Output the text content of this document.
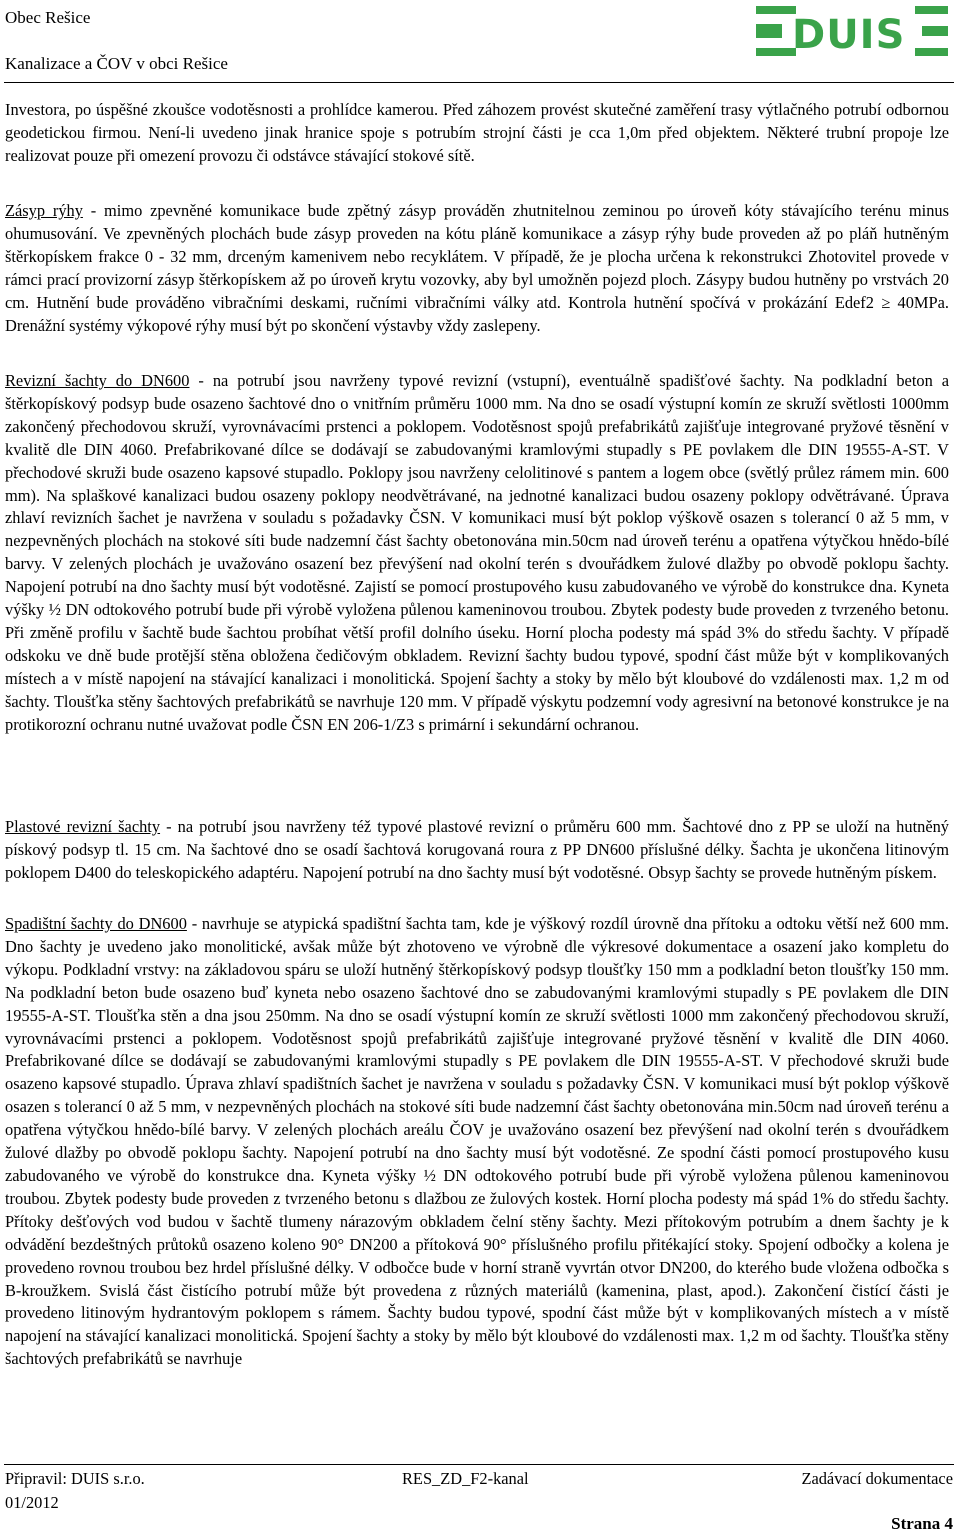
Obec Rešice
Kanalizace a ČOV v obci Rešice
DUIS

Investora, po úspěšné zkoušce vodotěsnosti a prohlídce kamerou. Před záhozem provést skutečné zaměření trasy výtlačného potrubí odbornou geodetickou firmou. Není-li uvedeno jinak hranice spoje s potrubím strojní části je cca 1,0m před objektem. Některé trubní propoje lze realizovat pouze při omezení provozu či odstávce stávající stokové sítě.

Zásyp rýhy - mimo zpevněné komunikace bude zpětný zásyp prováděn zhutnitelnou zeminou po úroveň kóty stávajícího terénu minus ohumusování. Ve zpevněných plochách bude zásyp proveden na kótu pláně komunikace a zásyp rýhy bude proveden až po pláň hutněným štěrkopískem frakce 0 - 32 mm, drceným kamenivem nebo recyklátem. V případě, že je plocha určena k rekonstrukci Zhotovitel provede v rámci prací provizorní zásyp štěrkopískem až po úroveň krytu vozovky, aby byl umožněn pojezd ploch. Zásypy budou hutněny po vrstvách 20 cm. Hutnění bude prováděno vibračními deskami, ručními vibračními války atd. Kontrola hutnění spočívá v prokázání Edef2 ≥ 40MPa. Drenážní systémy výkopové rýhy musí být po skončení výstavby vždy zaslepeny.

Revizní šachty do DN600 - na potrubí jsou navrženy typové revizní (vstupní), eventuálně spadišťové šachty. Na podkladní beton a štěrkopískový podsyp bude osazeno šachtové dno o vnitřním průměru 1000 mm. Na dno se osadí výstupní komín ze skruží světlosti 1000mm zakončený přechodovou skruží, vyrovnávacími prstenci a poklopem. Vodotěsnost spojů prefabrikátů zajišťuje integrované pryžové těsnění v kvalitě dle DIN 4060. Prefabrikované dílce se dodávají se zabudovanými kramlovými stupadly s PE povlakem dle DIN 19555-A-ST. V přechodové skruži bude osazeno kapsové stupadlo. Poklopy jsou navrženy celolitinové s pantem a logem obce (světlý průlez rámem min. 600 mm). Na splaškové kanalizaci budou osazeny poklopy neodvětrávané, na jednotné kanalizaci budou osazeny poklopy odvětrávané. Úprava zhlaví revizních šachet je navržena v souladu s požadavky ČSN. V komunikaci musí být poklop výškově osazen s tolerancí 0 až 5 mm, v nezpevněných plochách na stokové síti bude nadzemní část šachty obetonována min.50cm nad úroveň terénu a opatřena výtyčkou hnědo-bílé barvy. V zelených plochách je uvažováno osazení bez převýšení nad okolní terén s dvouřádkem žulové dlažby po obvodě poklopu šachty. Napojení potrubí na dno šachty musí být vodotěsné. Zajistí se pomocí prostupového kusu zabudovaného ve výrobě do konstrukce dna. Kyneta výšky ½ DN odtokového potrubí bude při výrobě vyložena půlenou kameninovou troubou. Zbytek podesty bude proveden z tvrzeného betonu. Při změně profilu v šachtě bude šachtou probíhat větší profil dolního úseku. Horní plocha podesty má spád 3% do středu šachty. V případě odskoku ve dně bude protější stěna obložena čedičovým obkladem. Revizní šachty budou typové, spodní část může být v komplikovaných místech a v místě napojení na stávající kanalizaci i monolitická. Spojení šachty a stoky by mělo být kloubové do vzdálenosti max. 1,2 m od šachty. Tloušťka stěny šachtových prefabrikátů se navrhuje 120 mm. V případě výskytu podzemní vody agresivní na betonové konstrukce je na protikorozní ochranu nutné uvažovat podle ČSN EN 206-1/Z3 s primární i sekundární ochranou.

Plastové revizní šachty - na potrubí jsou navrženy též typové plastové revizní o průměru 600 mm. Šachtové dno z PP se uloží na hutněný pískový podsyp tl. 15 cm. Na šachtové dno se osadí šachtová korugovaná roura z PP DN600 příslušné délky. Šachta je ukončena litinovým poklopem D400 do teleskopického adaptéru. Napojení potrubí na dno šachty musí být vodotěsné. Obsyp šachty se provede hutněným pískem.

Spadištní šachty do DN600 - navrhuje se atypická spadištní šachta tam, kde je výškový rozdíl úrovně dna přítoku a odtoku větší než 600 mm. Dno šachty je uvedeno jako monolitické, avšak může být zhotoveno ve výrobně dle výkresové dokumentace a osazení jako kompletu do výkopu. Podkladní vrstvy: na základovou spáru se uloží hutněný štěrkopískový podsyp tloušťky 150 mm a podkladní beton tloušťky 150 mm. Na podkladní beton bude osazeno buď kyneta nebo osazeno šachtové dno se zabudovanými kramlovými stupadly s PE povlakem dle DIN 19555-A-ST. Tloušťka stěn a dna jsou 250mm. Na dno se osadí výstupní komín ze skruží světlosti 1000 mm zakončený přechodovou skruží, vyrovnávacími prstenci a poklopem. Vodotěsnost spojů prefabrikátů zajišťuje integrované pryžové těsnění v kvalitě dle DIN 4060. Prefabrikované dílce se dodávají se zabudovanými kramlovými stupadly s PE povlakem dle DIN 19555-A-ST. V přechodové skruži bude osazeno kapsové stupadlo. Úprava zhlaví spadištních šachet je navržena v souladu s požadavky ČSN. V komunikaci musí být poklop výškově osazen s tolerancí 0 až 5 mm, v nezpevněných plochách na stokové síti bude nadzemní část šachty obetonována min.50cm nad úroveň terénu a opatřena výtyčkou hnědo-bílé barvy. V zelených plochách areálu ČOV je uvažováno osazení bez převýšení nad okolní terén s dvouřádkem žulové dlažby po obvodě poklopu šachty. Napojení potrubí na dno šachty musí být vodotěsné. Ze spodní části pomocí prostupového kusu zabudovaného ve výrobě do konstrukce dna. Kyneta výšky ½ DN odtokového potrubí bude při výrobě vyložena půlenou kameninovou troubou. Zbytek podesty bude proveden z tvrzeného betonu s dlažbou ze žulových kostek. Horní plocha podesty má spád 1% do středu šachty. Přítoky dešťových vod budou v šachtě tlumeny nárazovým obkladem čelní stěny šachty. Mezi přítokovým potrubím a dnem šachty je k odvádění bezdeštných průtoků osazeno koleno 90° DN200 a přítoková 90° příslušného profilu přitékající stoky. Spojení odbočky a kolena je provedeno rovnou troubou bez hrdel příslušné délky. V odbočce bude v horní straně vyvrtán otvor DN200, do kterého bude vložena odbočka s B-kroužkem. Svislá část čistícího potrubí může být provedena z různých materiálů (kamenina, plast, apod.). Zakončení čistící části je provedeno litinovým hydrantovým poklopem s rámem. Šachty budou typové, spodní část může být v komplikovaných místech a v místě napojení na stávající kanalizaci monolitická. Spojení šachty a stoky by mělo být kloubové do vzdálenosti max. 1,2 m od šachty. Tloušťka stěny šachtových prefabrikátů se navrhuje

Připravil: DUIS s.r.o.	RES_ZD_F2-kanal	Zadávací dokumentace
01/2012
Strana 4
